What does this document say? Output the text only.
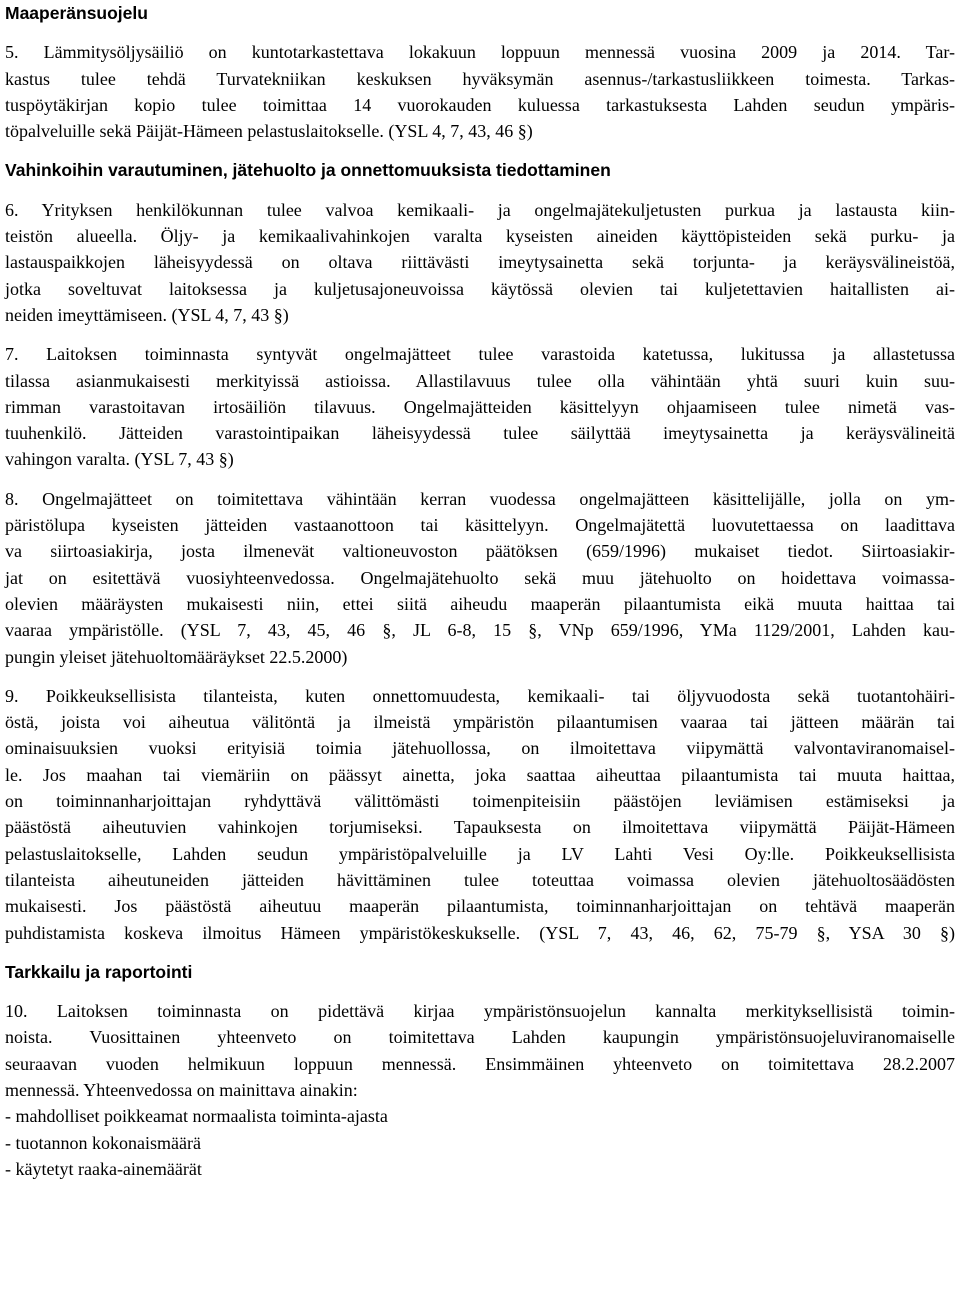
Maaperänsuojelu
5. Lämmitysöljysäiliö on kuntotarkastettava lokakuun loppuun mennessä vuosina 2009 ja 2014. Tar-
kastus tulee tehdä Turvatekniikan keskuksen hyväksymän asennus-/tarkastusliikkeen toimesta. Tarkas-
tuspöytäkirjan kopio tulee toimittaa 14 vuorokauden kuluessa tarkastuksesta Lahden seudun ympäris-
töpalveluille sekä Päijät-Hämeen pelastuslaitokselle. (YSL 4, 7, 43, 46 §)
Vahinkoihin varautuminen, jätehuolto ja onnettomuuksista tiedottaminen
6. Yrityksen henkilökunnan tulee valvoa kemikaali- ja ongelmajätekuljetusten purkua ja lastausta kiin-
teistön alueella. Öljy- ja kemikaalivahinkojen varalta kyseisten aineiden käyttöpisteiden sekä purku- ja
lastauspaikkojen läheisyydessä on oltava riittävästi imeytysainetta sekä torjunta- ja keräysvälineistöä,
jotka soveltuvat laitoksessa ja kuljetusajoneuvoissa käytössä olevien tai kuljetettavien haitallisten ai-
neiden imeyttämiseen. (YSL 4, 7, 43 §)
7. Laitoksen toiminnasta syntyvät ongelmajätteet tulee varastoida katetussa, lukitussa ja allastetussa
tilassa asianmukaisesti merkityissä astioissa. Allastilavuus tulee olla vähintään yhtä suuri kuin suu-
rimman varastoitavan irtosäiliön tilavuus. Ongelmajätteiden käsittelyyn ohjaamiseen tulee nimetä vas-
tuuhenkilö. Jätteiden varastointipaikan läheisyydessä tulee säilyttää imeytysainetta ja keräysvälineitä
vahingon varalta. (YSL 7, 43 §)
8. Ongelmajätteet on toimitettava vähintään kerran vuodessa ongelmajätteen käsittelijälle, jolla on ym-
päristölupa kyseisten jätteiden vastaanottoon tai käsittelyyn. Ongelmajätettä luovutettaessa on laadittava
va siirtoasiakirja, josta ilmenevät valtioneuvoston päätöksen (659/1996) mukaiset tiedot. Siirtoasiakir-
jat on esitettävä vuosiyhteenvedossa. Ongelmajätehuolto sekä muu jätehuolto on hoidettava voimassa-
olevien määräysten mukaisesti niin, ettei siitä aiheudu maaperän pilaantumista eikä muuta haittaa tai
vaaraa ympäristölle. (YSL 7, 43, 45, 46 §, JL 6-8, 15 §, VNp 659/1996, YMa 1129/2001, Lahden kau-
pungin yleiset jätehuoltomääräykset 22.5.2000)
9. Poikkeuksellisista tilanteista, kuten onnettomuudesta, kemikaali- tai öljyvuodosta sekä tuotantohäiri-
östä, joista voi aiheutua välitöntä ja ilmeistä ympäristön pilaantumisen vaaraa tai jätteen määrän tai
ominaisuuksien vuoksi erityisiä toimia jätehuollossa, on ilmoitettava viipymättä valvontaviranomaisel-
le. Jos maahan tai viemäriin on päässyt ainetta, joka saattaa aiheuttaa pilaantumista tai muuta haittaa,
on toiminnanharjoittajan ryhdyttävä välittömästi toimenpiteisiin päästöjen leviämisen estämiseksi ja
päästöstä aiheutuvien vahinkojen torjumiseksi. Tapauksesta on ilmoitettava viipymättä Päijät-Hämeen
pelastuslaitokselle, Lahden seudun ympäristöpalveluille ja LV Lahti Vesi Oy:lle. Poikkeuksellisista
tilanteista aiheutuneiden jätteiden hävittäminen tulee toteuttaa voimassa olevien jätehuoltosäädösten
mukaisesti. Jos päästöstä aiheutuu maaperän pilaantumista, toiminnanharjoittajan on tehtävä maaperän
puhdistamista koskeva ilmoitus Hämeen ympäristökeskukselle. (YSL 7, 43, 46, 62, 75-79 §, YSA 30 §)
Tarkkailu ja raportointi
10. Laitoksen toiminnasta on pidettävä kirjaa ympäristönsuojelun kannalta merkityksellisistä toimin-
noista. Vuosittainen yhteenveto on toimitettava Lahden kaupungin ympäristönsuojeluviranomaiselle
seuraavan vuoden helmikuun loppuun mennessä. Ensimmäinen yhteenveto on toimitettava 28.2.2007
mennessä. Yhteenvedossa on mainittava ainakin:
- mahdolliset poikkeamat normaalista toiminta-ajasta
- tuotannon kokonaismäärä
- käytetyt raaka-ainemäärät
